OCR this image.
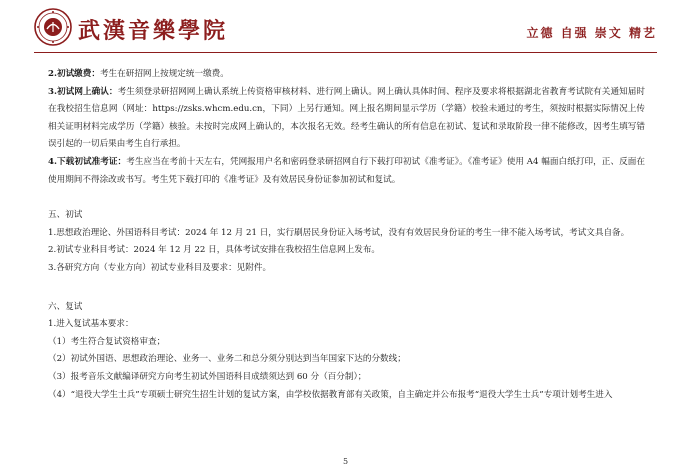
武漢音樂學院	立德 自强 崇文 精艺

2.初试缴费：考生在研招网上按规定统一缴费。

3.初试网上确认：考生须登录研招网网上确认系统上传资格审核材料、进行网上确认。网上确认具体时间、程序及要求将根据湖北省教育考试院有关通知届时在我校招生信息网（网址：https://zsks.whcm.edu.cn，下同）上另行通知。网上报名期间显示学历（学籍）校验未通过的考生，须按时根据实际情况上传相关证明材料完成学历（学籍）核验。未按时完成网上确认的，本次报名无效。经考生确认的所有信息在初试、复试和录取阶段一律不能修改，因考生填写错误引起的一切后果由考生自行承担。

4.下载初试准考证：考生应当在考前十天左右，凭网报用户名和密码登录研招网自行下载打印初试《准考证》。《准考证》使用 A4 幅面白纸打印，正、反面在使用期间不得涂改或书写。考生凭下载打印的《准考证》及有效居民身份证参加初试和复试。

五、初试

1.思想政治理论、外国语科目考试：2024 年 12 月 21 日，实行刷居民身份证入场考试，没有有效居民身份证的考生一律不能入场考试，考试文具自备。

2.初试专业科目考试：2024 年 12 月 22 日，具体考试安排在我校招生信息网上发布。

3.各研究方向（专业方向）初试专业科目及要求：见附件。

六、复试

1.进入复试基本要求：

（1）考生符合复试资格审查；

（2）初试外国语、思想政治理论、业务一、业务二和总分须分别达到当年国家下达的分数线；

（3）报考音乐文献编译研究方向考生初试外国语科目成绩须达到 60 分（百分制）；

（4）“退役大学生士兵”专项硕士研究生招生计划的复试方案，由学校依据教育部有关政策，自主确定并公布报考“退役大学生士兵”专项计划考生进入

5
